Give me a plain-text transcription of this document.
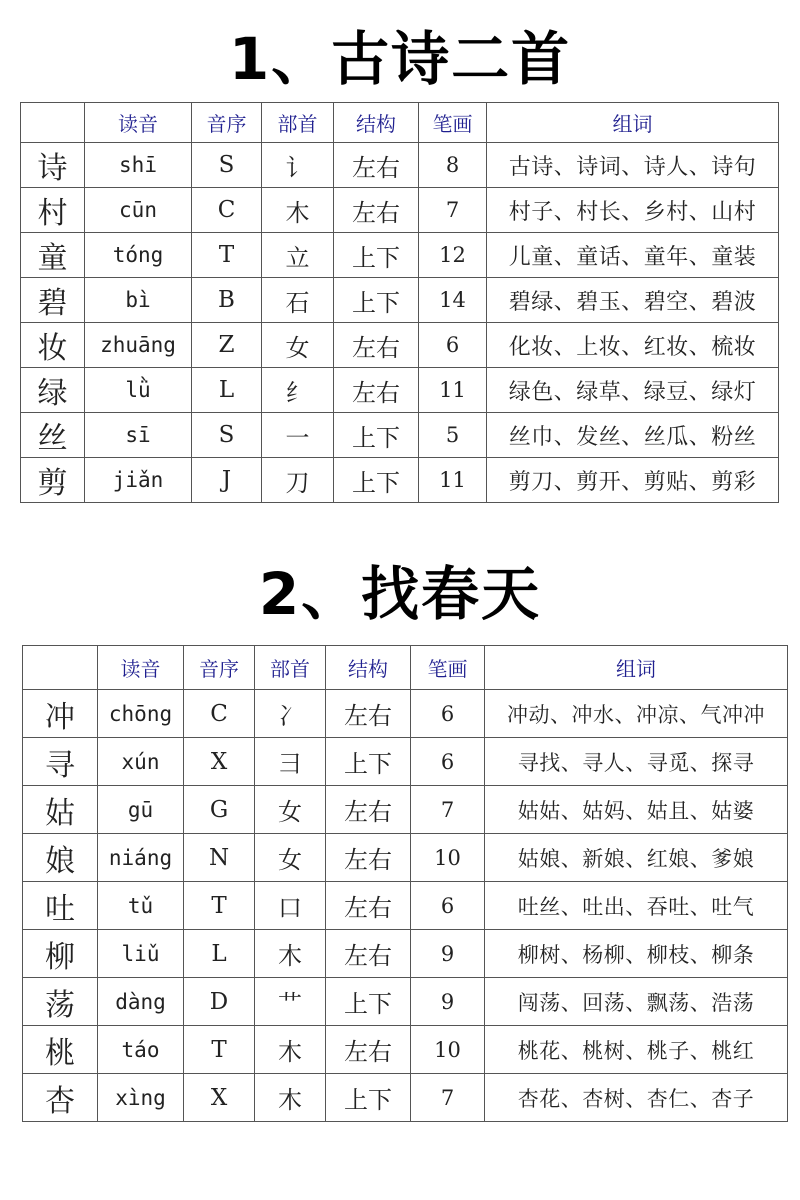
1、古诗二首
	读音	音序	部首	结构	笔画	组词
诗	shī	S	讠	左右	8	古诗、诗词、诗人、诗句
村	cūn	C	木	左右	7	村子、村长、乡村、山村
童	tóng	T	立	上下	12	儿童、童话、童年、童装
碧	bì	B	石	上下	14	碧绿、碧玉、碧空、碧波
妆	zhuāng	Z	女	左右	6	化妆、上妆、红妆、梳妆
绿	lǜ	L	纟	左右	11	绿色、绿草、绿豆、绿灯
丝	sī	S	一	上下	5	丝巾、发丝、丝瓜、粉丝
剪	jiǎn	J	刀	上下	11	剪刀、剪开、剪贴、剪彩
2、找春天
	读音	音序	部首	结构	笔画	组词
冲	chōng	C	冫	左右	6	冲动、冲水、冲凉、气冲冲
寻	xún	X	彐	上下	6	寻找、寻人、寻觅、探寻
姑	gū	G	女	左右	7	姑姑、姑妈、姑且、姑婆
娘	niáng	N	女	左右	10	姑娘、新娘、红娘、爹娘
吐	tǔ	T	口	左右	6	吐丝、吐出、吞吐、吐气
柳	liǔ	L	木	左右	9	柳树、杨柳、柳枝、柳条
荡	dàng	D	艹	上下	9	闯荡、回荡、飘荡、浩荡
桃	táo	T	木	左右	10	桃花、桃树、桃子、桃红
杏	xìng	X	木	上下	7	杏花、杏树、杏仁、杏子
